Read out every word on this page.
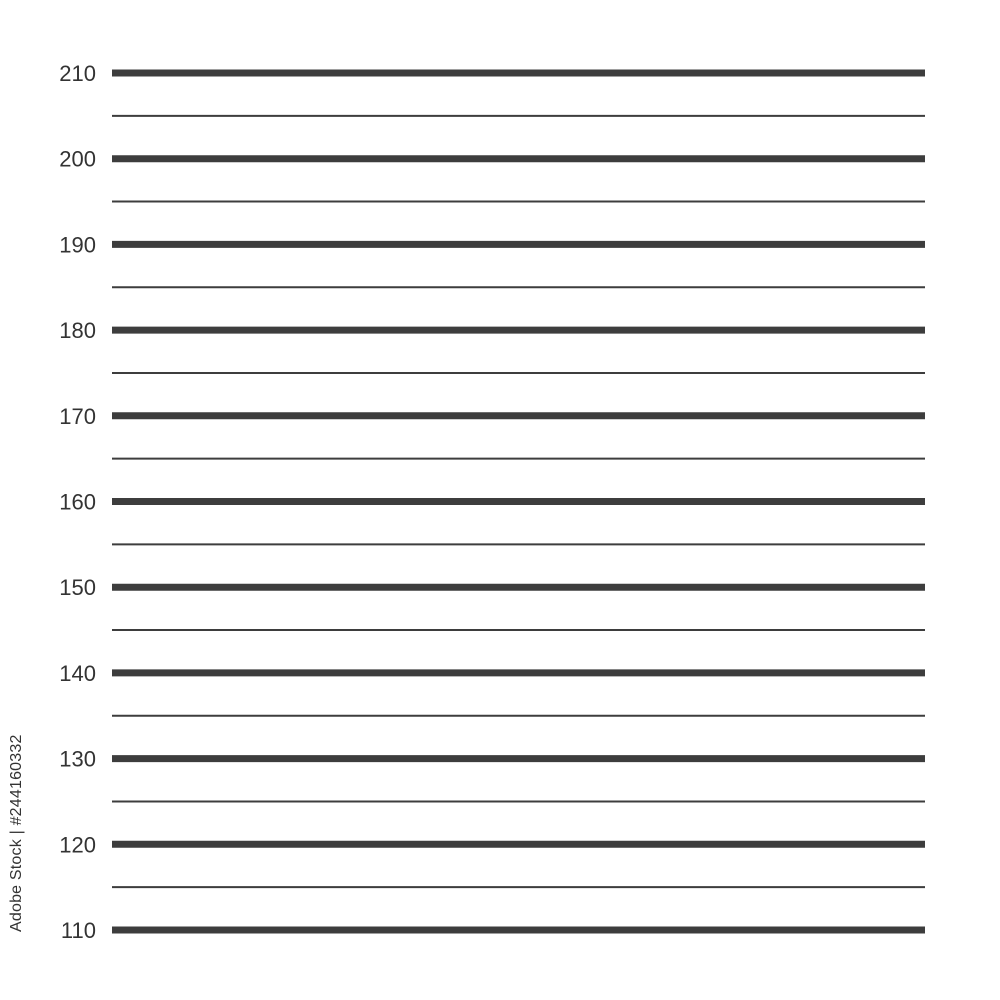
210
200
190
180
170
160
150
140
130
120
110
Adobe Stock | #244160332
